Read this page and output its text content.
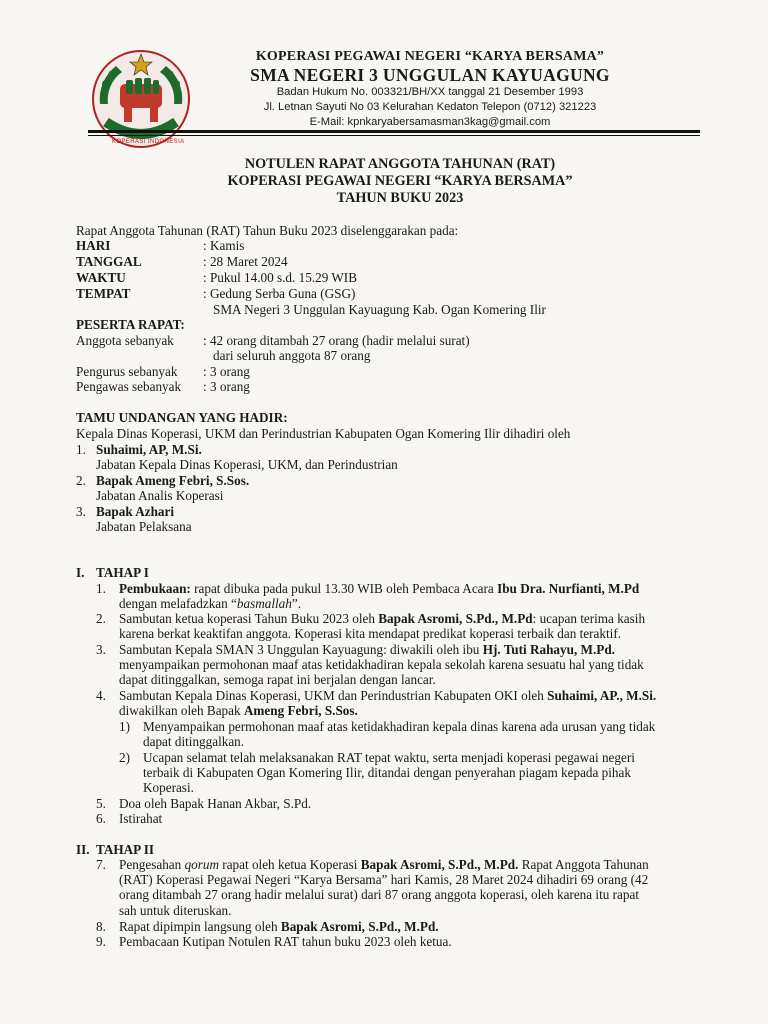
KOPERASI INDONESIA
KOPERASI PEGAWAI NEGERI “KARYA BERSAMA”
SMA NEGERI 3 UNGGULAN KAYUAGUNG
Badan Hukum No. 003321/BH/XX tanggal 21 Desember 1993
Jl. Letnan Sayuti No 03 Kelurahan Kedaton Telepon (0712) 321223
E-Mail: kpnkaryabersamasman3kag@gmail.com
NOTULEN RAPAT ANGGOTA TAHUNAN (RAT)
KOPERASI PEGAWAI NEGERI “KARYA BERSAMA”
TAHUN BUKU 2023
Rapat Anggota Tahunan (RAT) Tahun Buku 2023 diselenggarakan pada:
HARI	: Kamis
TANGGAL	: 28 Maret 2024
WAKTU	: Pukul 14.00 s.d. 15.29 WIB
TEMPAT	: Gedung Serba Guna (GSG)
SMA Negeri 3 Unggulan Kayuagung Kab. Ogan Komering Ilir
PESERTA RAPAT:
Anggota sebanyak : 42 orang ditambah 27 orang (hadir melalui surat)
dari seluruh anggota 87 orang
Pengurus sebanyak : 3 orang
Pengawas sebanyak : 3 orang
TAMU UNDANGAN YANG HADIR:
Kepala Dinas Koperasi, UKM dan Perindustrian Kabupaten Ogan Komering Ilir dihadiri oleh
1. Suhaimi, AP, M.Si.
Jabatan Kepala Dinas Koperasi, UKM, dan Perindustrian
2. Bapak Ameng Febri, S.Sos.
Jabatan Analis Koperasi
3. Bapak Azhari
Jabatan Pelaksana
I. TAHAP I
1. Pembukaan: rapat dibuka pada pukul 13.30 WIB oleh Pembaca Acara Ibu Dra. Nurfianti, M.Pd
dengan melafadzkan “basmallah”.
2. Sambutan ketua koperasi Tahun Buku 2023 oleh Bapak Asromi, S.Pd., M.Pd: ucapan terima kasih
karena berkat keaktifan anggota. Koperasi kita mendapat predikat koperasi terbaik dan teraktif.
3. Sambutan Kepala SMAN 3 Unggulan Kayuagung: diwakili oleh ibu Hj. Tuti Rahayu, M.Pd.
menyampaikan permohonan maaf atas ketidakhadiran kepala sekolah karena sesuatu hal yang tidak
dapat ditinggalkan, semoga rapat ini berjalan dengan lancar.
4. Sambutan Kepala Dinas Koperasi, UKM dan Perindustrian Kabupaten OKI oleh Suhaimi, AP., M.Si.
diwakilkan oleh Bapak Ameng Febri, S.Sos.
1) Menyampaikan permohonan maaf atas ketidakhadiran kepala dinas karena ada urusan yang tidak
dapat ditinggalkan.
2) Ucapan selamat telah melaksanakan RAT tepat waktu, serta menjadi koperasi pegawai negeri
terbaik di Kabupaten Ogan Komering Ilir, ditandai dengan penyerahan piagam kepada pihak
Koperasi.
5. Doa oleh Bapak Hanan Akbar, S.Pd.
6. Istirahat
II. TAHAP II
7. Pengesahan qorum rapat oleh ketua Koperasi Bapak Asromi, S.Pd., M.Pd. Rapat Anggota Tahunan
(RAT) Koperasi Pegawai Negeri “Karya Bersama” hari Kamis, 28 Maret 2024 dihadiri 69 orang (42
orang ditambah 27 orang hadir melalui surat) dari 87 orang anggota koperasi, oleh karena itu rapat
sah untuk diteruskan.
8. Rapat dipimpin langsung oleh Bapak Asromi, S.Pd., M.Pd.
9. Pembacaan Kutipan Notulen RAT tahun buku 2023 oleh ketua.
